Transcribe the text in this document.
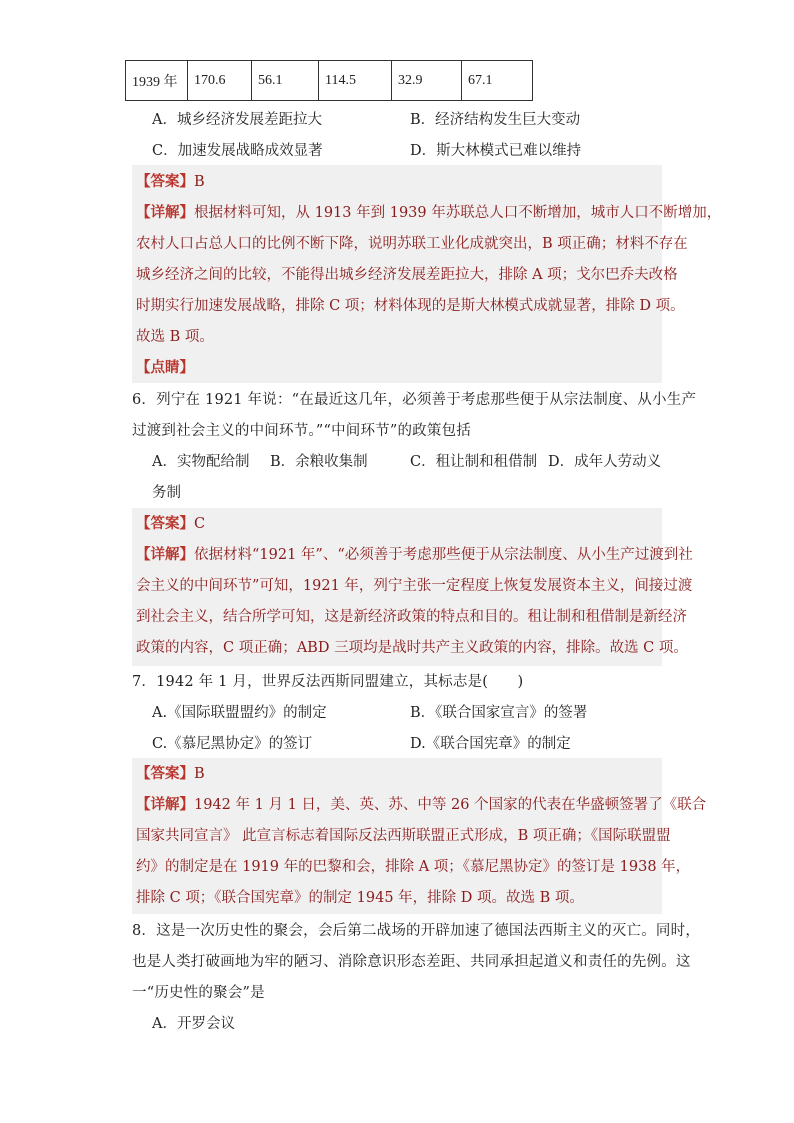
1939 年	170.6	56.1	114.5	32.9	67.1
A．城乡经济发展差距拉大	B．经济结构发生巨大变动
C．加速发展战略成效显著	D．斯大林模式已难以维持
【答案】B
【详解】根据材料可知，从 1913 年到 1939 年苏联总人口不断增加，城市人口不断增加，
农村人口占总人口的比例不断下降，说明苏联工业化成就突出，B 项正确；材料不存在
城乡经济之间的比较，不能得出城乡经济发展差距拉大，排除 A 项；戈尔巴乔夫改格
时期实行加速发展战略，排除 C 项；材料体现的是斯大林模式成就显著，排除 D 项。
故选 B 项。
【点睛】
6．列宁在 1921 年说：“在最近这几年，必须善于考虑那些便于从宗法制度、从小生产
过渡到社会主义的中间环节。”“中间环节”的政策包括
A．实物配给制 B．余粮收集制	C．租让制和租借制 D．成年人劳动义
务制
【答案】C
【详解】依据材料“1921 年”、“必须善于考虑那些便于从宗法制度、从小生产过渡到社
会主义的中间环节”可知，1921 年，列宁主张一定程度上恢复发展资本主义，间接过渡
到社会主义，结合所学可知，这是新经济政策的特点和目的。租让制和租借制是新经济
政策的内容，C 项正确；ABD 三项均是战时共产主义政策的内容，排除。故选 C 项。
7．1942 年 1 月，世界反法西斯同盟建立，其标志是(　　)
A.《国际联盟盟约》的制定	B．《联合国家宣言》的签署
C.《慕尼黑协定》的签订	D.《联合国宪章》的制定
【答案】B
【详解】1942 年 1 月 1 日，美、英、苏、中等 26 个国家的代表在华盛顿签署了《联合
国家共同宣言》 此宣言标志着国际反法西斯联盟正式形成，B 项正确；《国际联盟盟
约》的制定是在 1919 年的巴黎和会，排除 A 项；《慕尼黑协定》的签订是 1938 年，
排除 C 项；《联合国宪章》的制定 1945 年，排除 D 项。故选 B 项。
8．这是一次历史性的聚会，会后第二战场的开辟加速了德国法西斯主义的灭亡。同时，
也是人类打破画地为牢的陋习、消除意识形态差距、共同承担起道义和责任的先例。这
一“历史性的聚会”是
A．开罗会议
